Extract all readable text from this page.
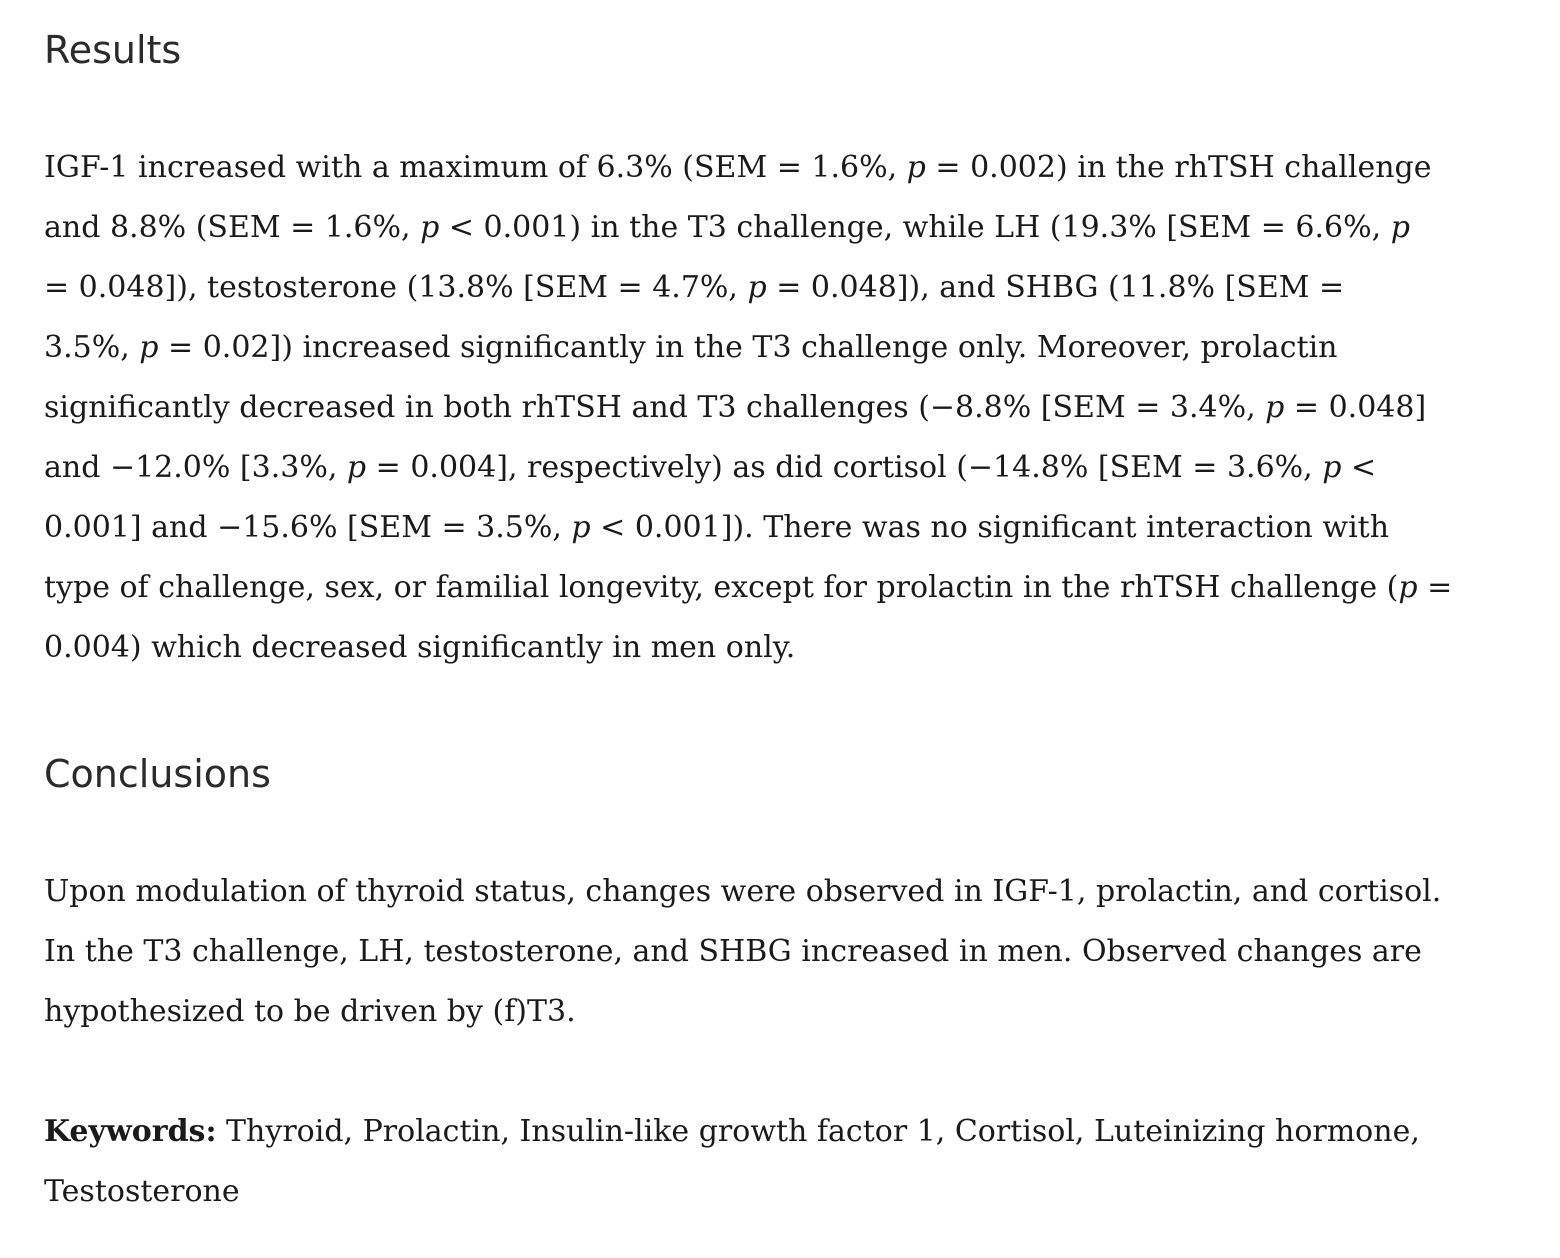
Results
IGF-1 increased with a maximum of 6.3% (SEM = 1.6%, p = 0.002) in the rhTSH challenge
and 8.8% (SEM = 1.6%, p < 0.001) in the T3 challenge, while LH (19.3% [SEM = 6.6%, p
= 0.048]), testosterone (13.8% [SEM = 4.7%, p = 0.048]), and SHBG (11.8% [SEM =
3.5%, p = 0.02]) increased significantly in the T3 challenge only. Moreover, prolactin
significantly decreased in both rhTSH and T3 challenges (−8.8% [SEM = 3.4%, p = 0.048]
and −12.0% [3.3%, p = 0.004], respectively) as did cortisol (−14.8% [SEM = 3.6%, p <
0.001] and −15.6% [SEM = 3.5%, p < 0.001]). There was no significant interaction with
type of challenge, sex, or familial longevity, except for prolactin in the rhTSH challenge (p =
0.004) which decreased significantly in men only.
Conclusions
Upon modulation of thyroid status, changes were observed in IGF-1, prolactin, and cortisol.
In the T3 challenge, LH, testosterone, and SHBG increased in men. Observed changes are
hypothesized to be driven by (f)T3.
Keywords: Thyroid, Prolactin, Insulin-like growth factor 1, Cortisol, Luteinizing hormone,
Testosterone
